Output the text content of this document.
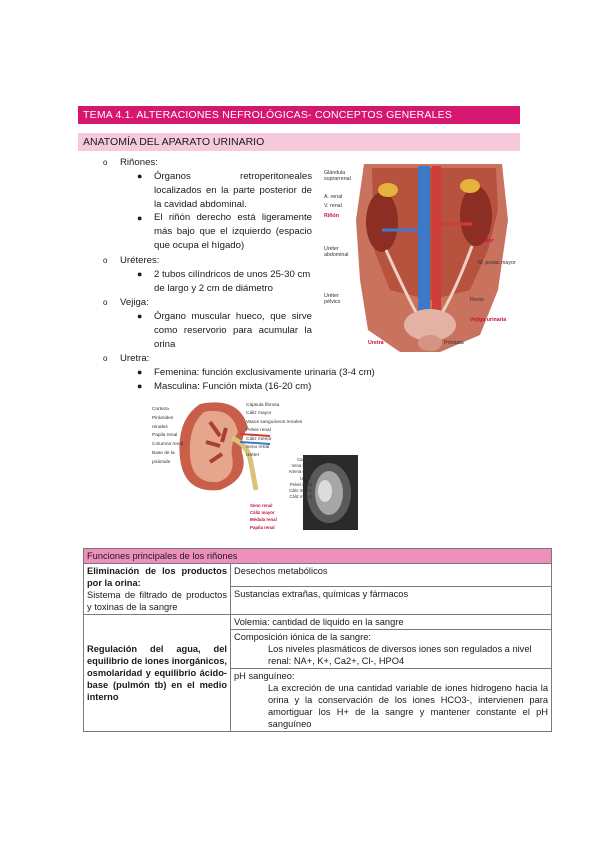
TEMA 4.1. ALTERACIONES NEFROLÓGICAS- CONCEPTOS GENERALES
ANATOMÍA DEL APARATO URINARIO
o Riñones:
● Órganos retroperitoneales localizados en la parte posterior de la cavidad abdominal.
● El riñón derecho está ligeramente más bajo que el izquierdo (espacio que ocupa el hígado)
o Uréteres:
● 2 tubos cilíndricos de unos 25-30 cm de largo y 2 cm de diámetro
o Vejiga:
● Órgano muscular hueco, que sirve como reservorio para acumular la orina
o Uretra:
● Femenina: función exclusivamente urinaria (3-4 cm)
● Masculina: Función mixta (16-20 cm)
Glándula suprarrenal
A. renal
V. renal
Riñón
Uréter abdominal
Uréter
M. psoas mayor
Uréter pélvico	Recto
Vejiga urinaria
Uretra	Próstata
Corteza
Pirámides renales
Papila renal
Columna renal
Base de la pirámide
Cápsula fibrosa
Cáliz mayor
Vasos sanguíneos renales
Pelvis renal
Cáliz menor
Seno renal
Uréter
Corteza
Vena renal
Arteria renal
Uréter
Pelvis renal
Cáliz menor
Cáliz mayor
Seno renal
Cáliz mayor
Médula renal
Papila renal
Funciones principales de los riñones	
Eliminación de los productos por la orina:
Sistema de filtrado de productos y toxinas de la sangre	Desechos metabólicos
	Sustancias extrañas, químicas y fármacos
Regulación del agua, del equilibrio de iones inorgánicos, osmolaridad y equilibrio ácido-base (pulmón tb) en el medio interno	Volemia: cantidad de liquido en la sangre
	Composición iónica de la sangre:
Los niveles plasmáticos de diversos iones son regulados a nivel renal: NA+, K+, Ca2+, Cl-, HPO4

	pH sanguíneo:
La excreción de una cantidad variable de iones hidrogeno hacia la orina y la conservación de los iones HCO3-, intervienen para amortiguar los H+ de la sangre y mantener constante el pH sanguíneo
